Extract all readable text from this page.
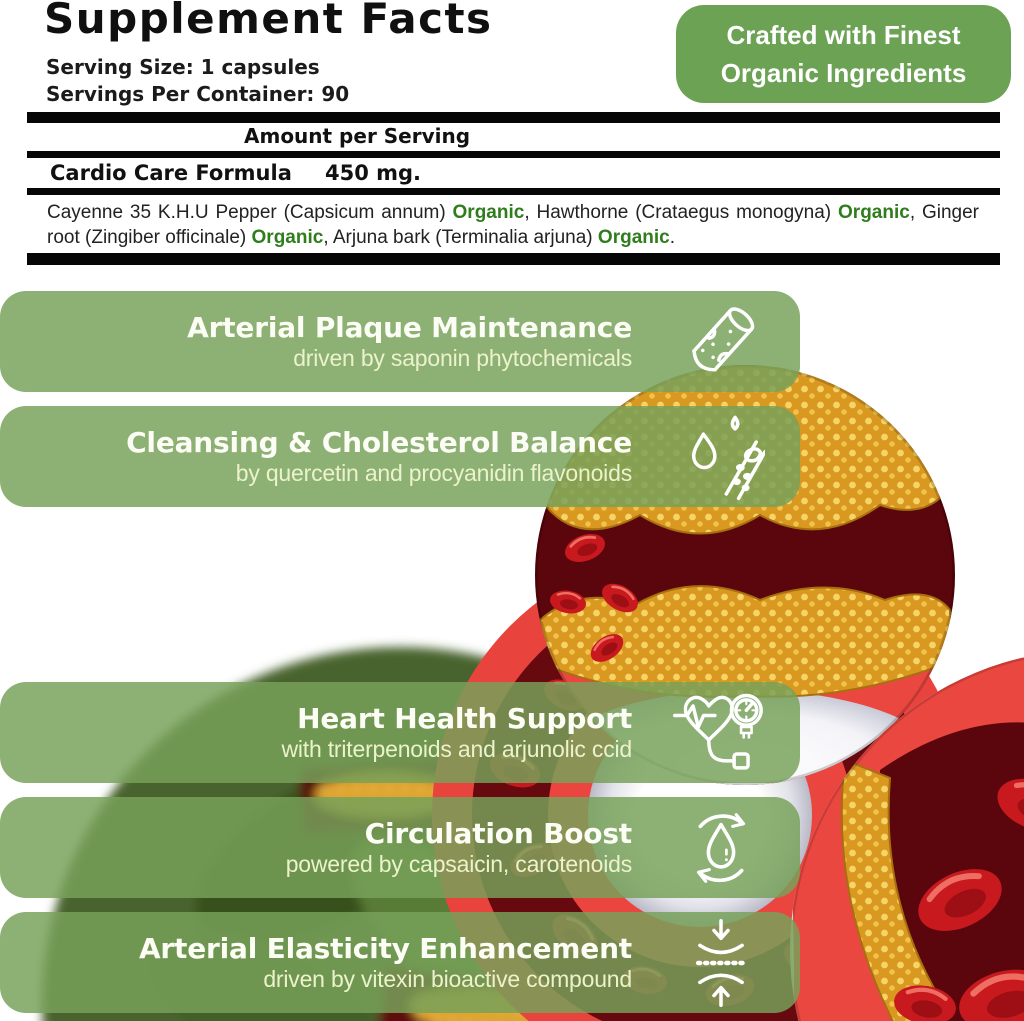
Supplement Facts
Serving Size: 1 capsules
Servings Per Container: 90
Amount per Serving
Cardio Care Formula 450 mg.
Cayenne 35 K.H.U Pepper (Capsicum annum) Organic, Hawthorne (Crataegus monogyna) Organic, Ginger root (Zingiber officinale) Organic, Arjuna bark (Terminalia arjuna) Organic.
Crafted with Finest
Organic Ingredients
Arterial Plaque Maintenance
driven by saponin phytochemicals
Cleansing & Cholesterol Balance
by quercetin and procyanidin flavonoids
Heart Health Support
with triterpenoids and arjunolic ccid
Circulation Boost
powered by capsaicin, carotenoids
Arterial Elasticity Enhancement
driven by vitexin bioactive compound
